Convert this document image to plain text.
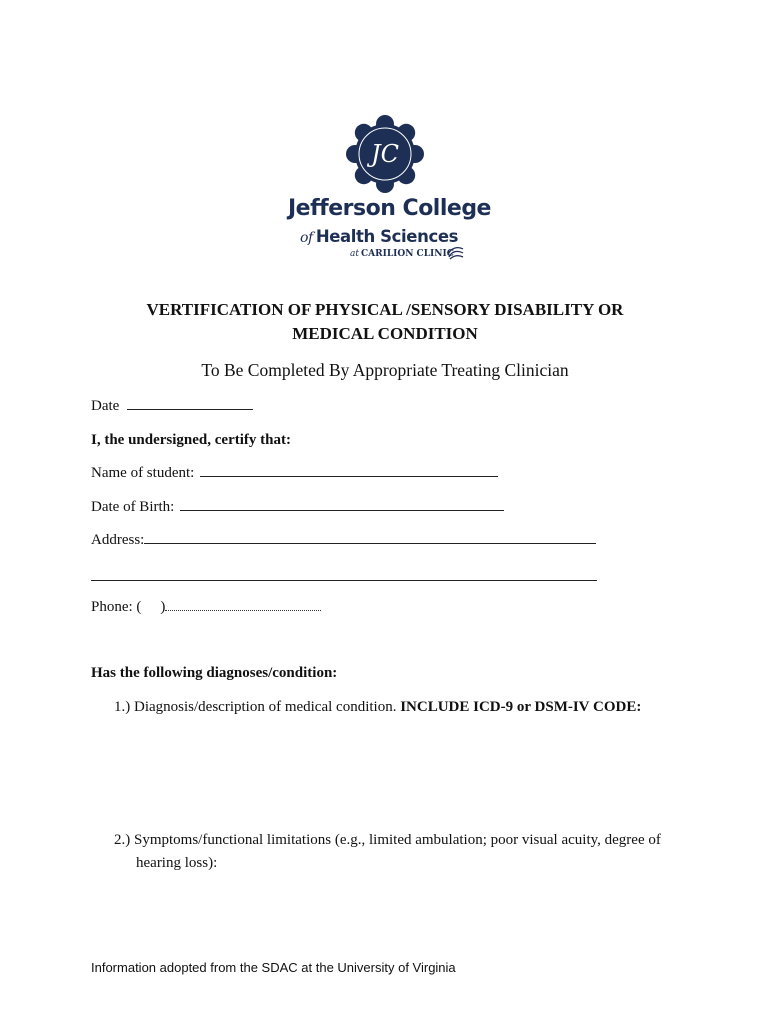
JC
Jefferson College
of Health Sciences
at CARILION CLINIC
VERTIFICATION OF PHYSICAL /SENSORY DISABILITY OR
MEDICAL CONDITION
To Be Completed By Appropriate Treating Clinician
Date
I, the undersigned, certify that:
Name of student:
Date of Birth:
Address:
Phone: ( )
Has the following diagnoses/condition:
1.) Diagnosis/description of medical condition. INCLUDE ICD-9 or DSM-IV CODE:
2.) Symptoms/functional limitations (e.g., limited ambulation; poor visual acuity, degree of
hearing loss):
Information adopted from the SDAC at the University of Virginia
